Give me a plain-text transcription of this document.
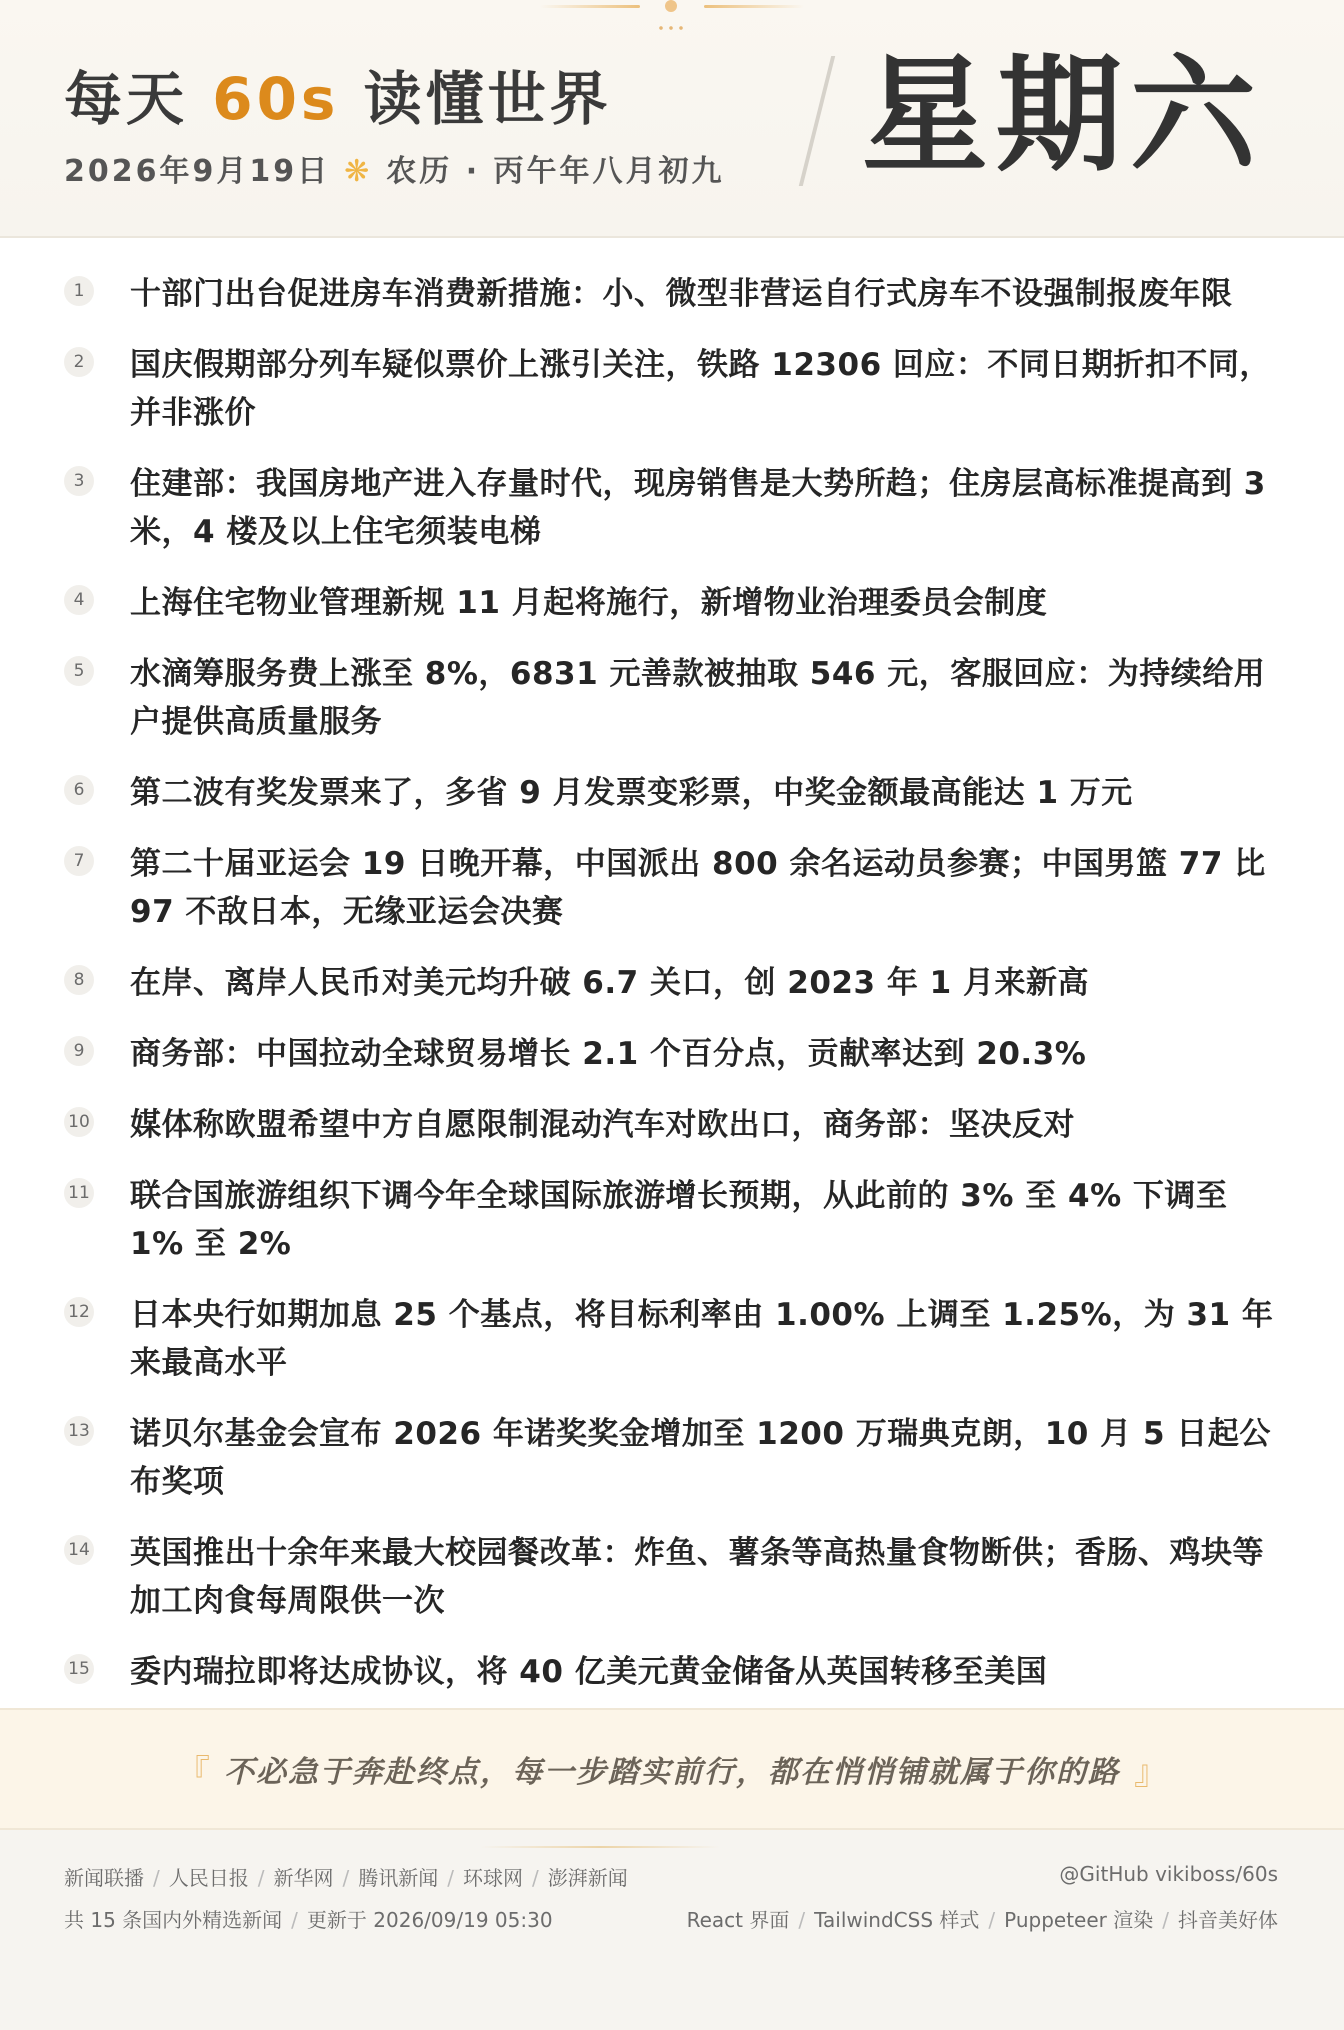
每天 60s 读懂世界
2026年9月19日 ❋ 农历 · 丙午年八月初九 星期六
1	十部门出台促进房车消费新措施：小、微型非营运自行式房车不设强制报废年限
2	国庆假期部分列车疑似票价上涨引关注，铁路 12306 回应：不同日期折扣不同，并非涨价
3	住建部：我国房地产进入存量时代，现房销售是大势所趋；住房层高标准提高到 3 米，4 楼及以上住宅须装电梯
4	上海住宅物业管理新规 11 月起将施行，新增物业治理委员会制度
5	水滴筹服务费上涨至 8%，6831 元善款被抽取 546 元，客服回应：为持续给用户提供高质量服务
6	第二波有奖发票来了，多省 9 月发票变彩票，中奖金额最高能达 1 万元
7	第二十届亚运会 19 日晚开幕，中国派出 800 余名运动员参赛；中国男篮 77 比 97 不敌日本，无缘亚运会决赛
8	在岸、离岸人民币对美元均升破 6.7 关口，创 2023 年 1 月来新高
9	商务部：中国拉动全球贸易增长 2.1 个百分点，贡献率达到 20.3%
10 媒体称欧盟希望中方自愿限制混动汽车对欧出口，商务部：坚决反对
11 联合国旅游组织下调今年全球国际旅游增长预期，从此前的 3% 至 4% 下调至 1% 至 2%
12 日本央行如期加息 25 个基点，将目标利率由 1.00% 上调至 1.25%，为 31 年来最高水平
13 诺贝尔基金会宣布 2026 年诺奖奖金增加至 1200 万瑞典克朗，10 月 5 日起公布奖项
14 英国推出十余年来最大校园餐改革：炸鱼、薯条等高热量食物断供；香肠、鸡块等加工肉食每周限供一次
15 委内瑞拉即将达成协议，将 40 亿美元黄金储备从英国转移至美国
『 不必急于奔赴终点，每一步踏实前行，都在悄悄铺就属于你的路 』
新闻联播 / 人民日报 / 新华网 / 腾讯新闻 / 环球网 / 澎湃新闻
共 15 条国内外精选新闻 / 更新于 2026/09/19 05:30
@GitHub vikiboss/60s
React 界面 / TailwindCSS 样式 / Puppeteer 渲染 / 抖音美好体
